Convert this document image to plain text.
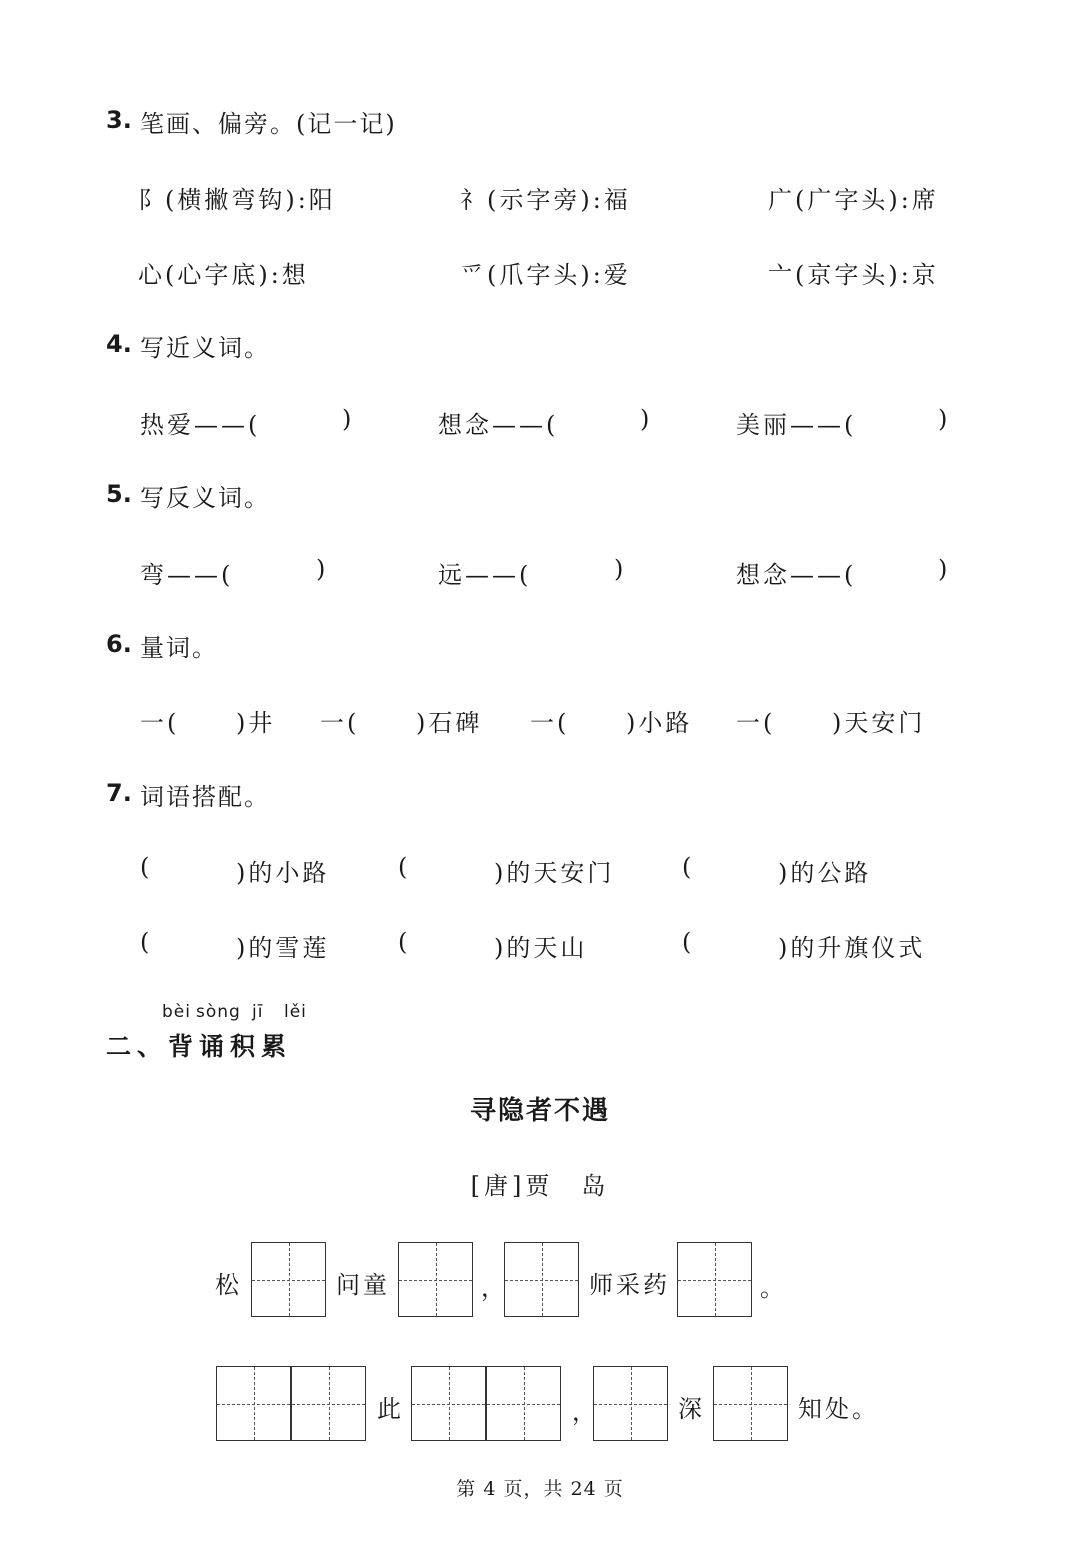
3. 笔画、偏旁。(记一记)
阝(横撇弯钩):阳	礻(示字旁):福	广(广字头):席
心(心字底):想	爫(爪字头):爱	亠(京字头):京
4. 写近义词。
热爱——(	)	想念——(	)	美丽——(	)
5. 写反义词。
弯——(	)	远——(	)	想念——(	)
6. 量词。
一( )井 一( )石碑 一( )小路 一( )天安门
7. 词语搭配。
(	)的小路	(	)的天安门	(	)的公路
(	)的雪莲	(	)的天山	(	)的升旗仪式
bèi sòng jī lěi
二、背诵积累
寻隐者不遇
[唐]贾　岛
松	问童	，	师采药	。
此	，	深	知处。
第 4 页，共 24 页
